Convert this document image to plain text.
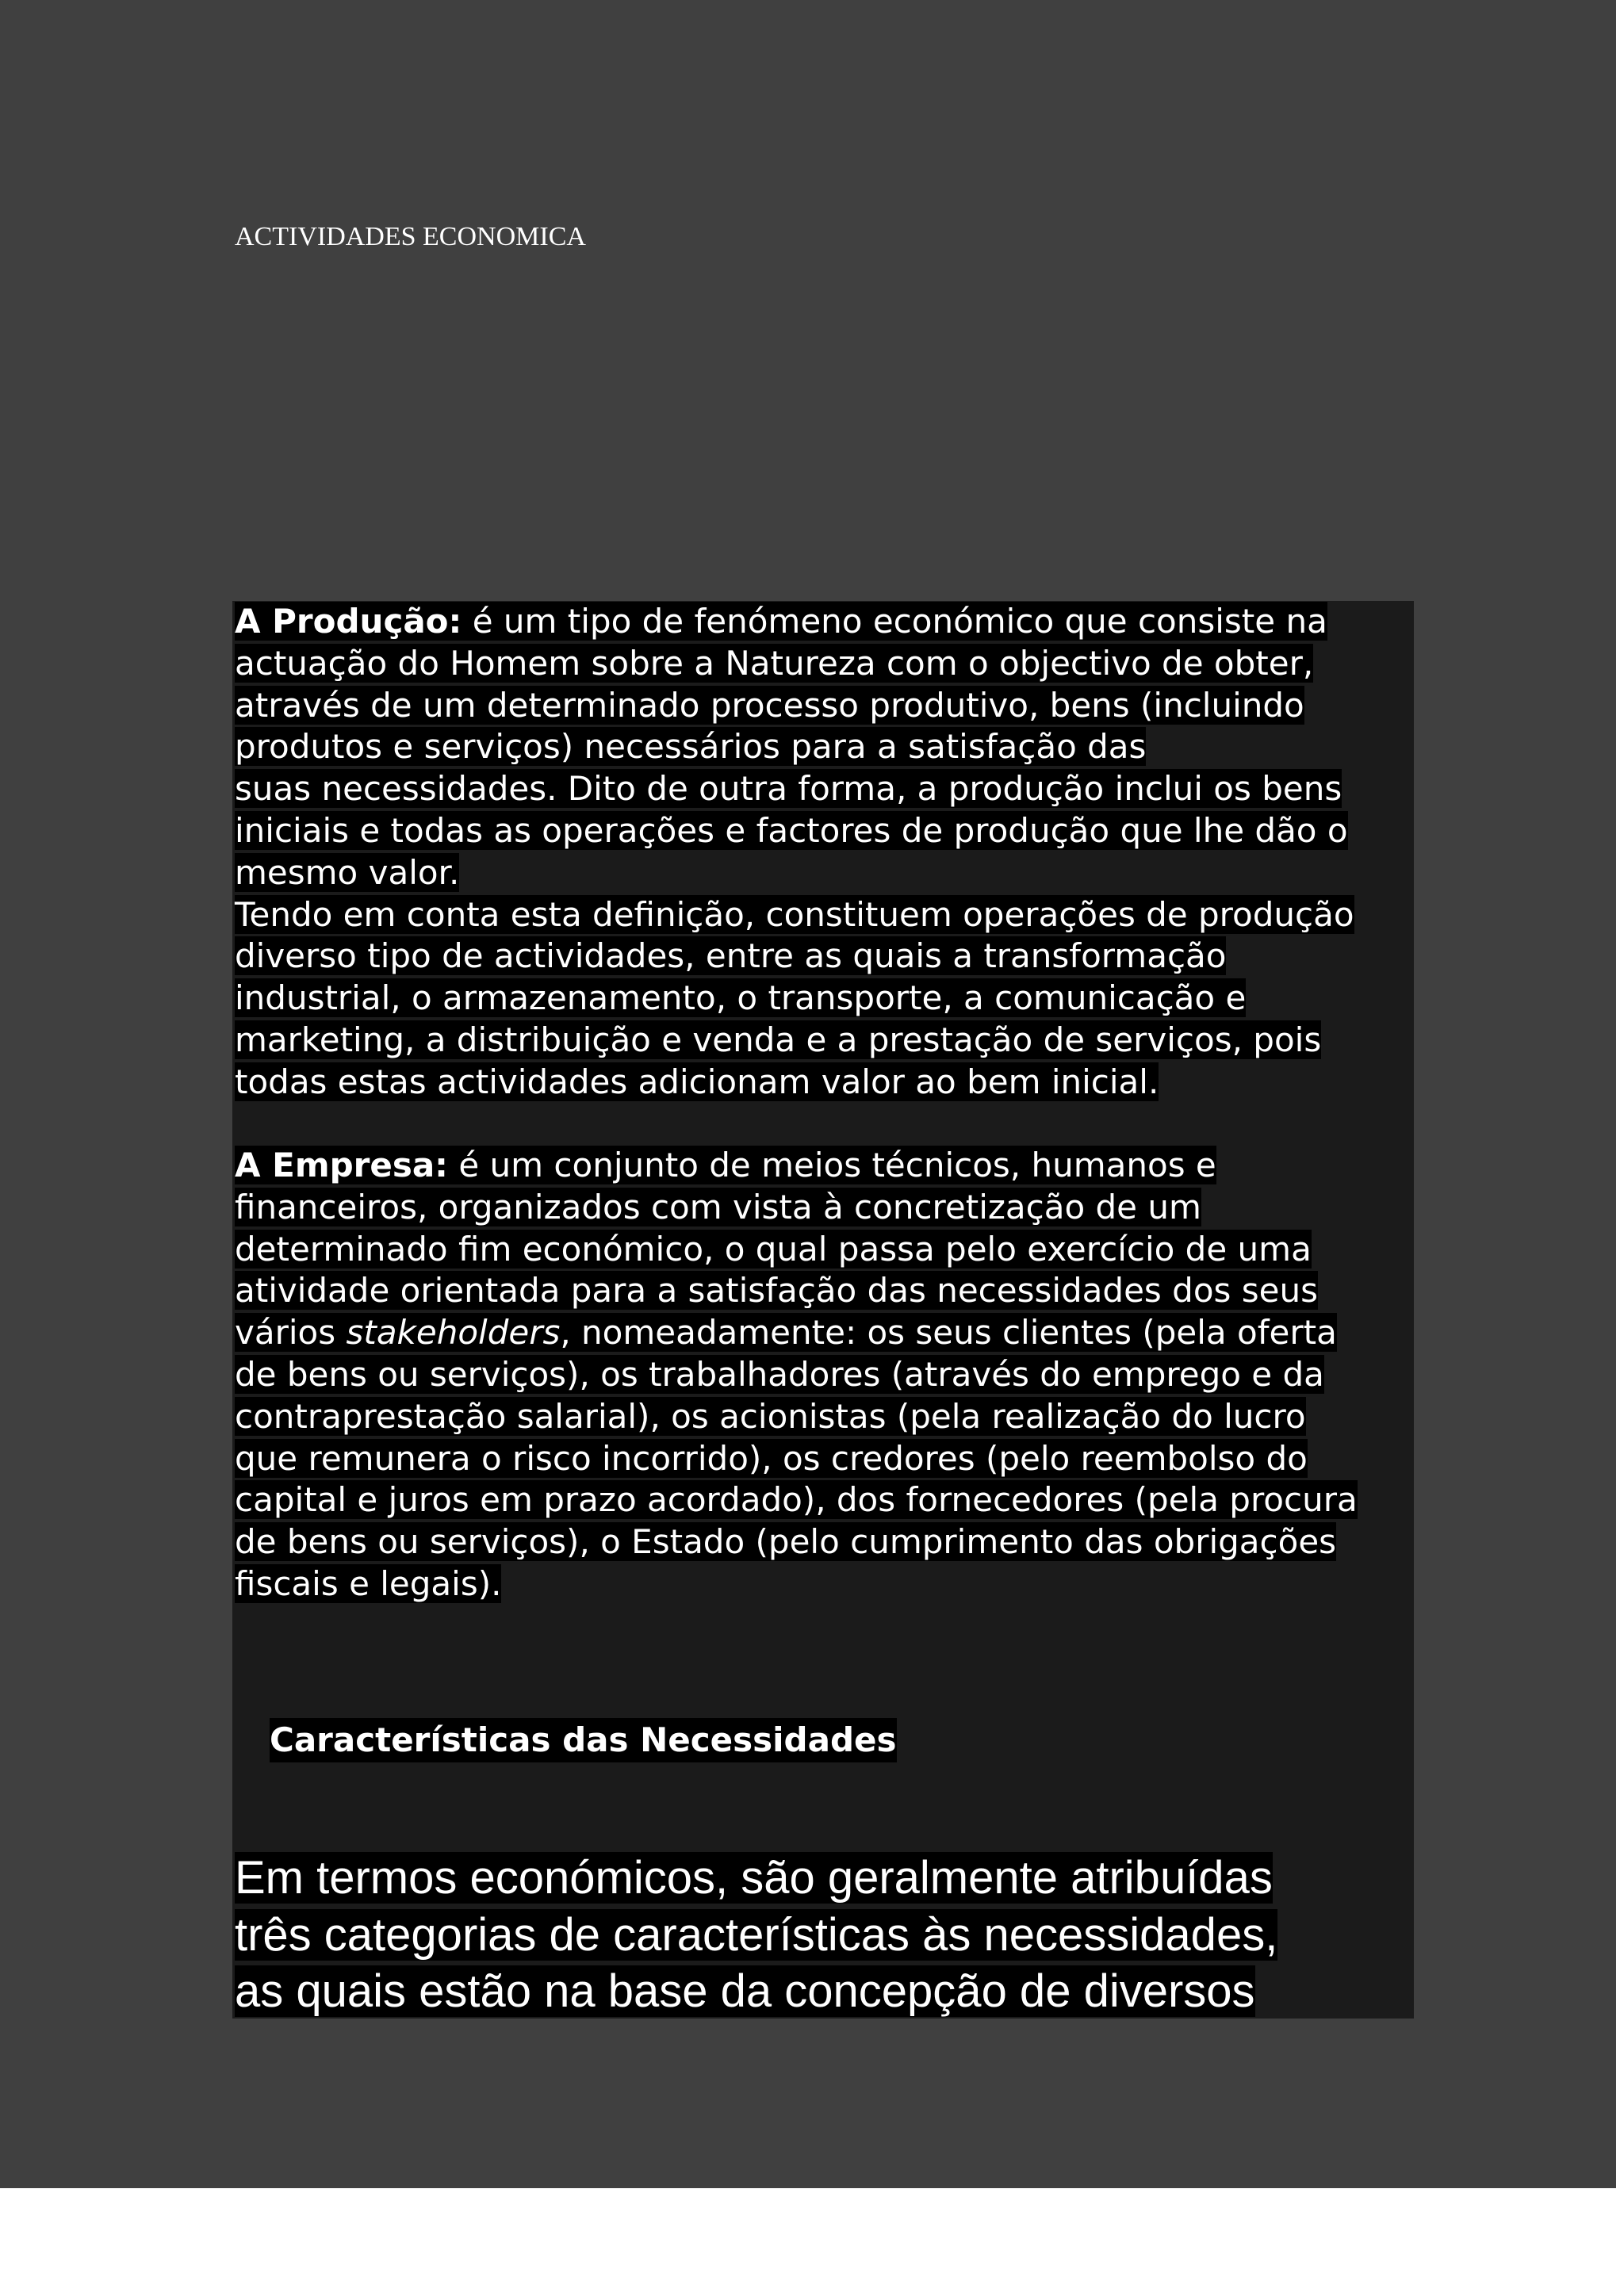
ACTIVIDADES ECONOMICA
A Produção: é um tipo de fenómeno económico que consiste na
actuação do Homem sobre a Natureza com o objectivo de obter,
através de um determinado processo produtivo, bens (incluindo
produtos e serviços) necessários para a satisfação das
suas necessidades. Dito de outra forma, a produção inclui os bens
iniciais e todas as operações e factores de produção que lhe dão o
mesmo valor.
Tendo em conta esta definição, constituem operações de produção
diverso tipo de actividades, entre as quais a transformação
industrial, o armazenamento, o transporte, a comunicação e
marketing, a distribuição e venda e a prestação de serviços, pois
todas estas actividades adicionam valor ao bem inicial.
A Empresa: é um conjunto de meios técnicos, humanos e
financeiros, organizados com vista à concretização de um
determinado fim económico, o qual passa pelo exercício de uma
atividade orientada para a satisfação das necessidades dos seus
vários stakeholders, nomeadamente: os seus clientes (pela oferta
de bens ou serviços), os trabalhadores (através do emprego e da
contraprestação salarial), os acionistas (pela realização do lucro
que remunera o risco incorrido), os credores (pelo reembolso do
capital e juros em prazo acordado), dos fornecedores (pela procura
de bens ou serviços), o Estado (pelo cumprimento das obrigações
fiscais e legais).
Características das Necessidades
Em termos económicos, são geralmente atribuídas
três categorias de características às necessidades,
as quais estão na base da concepção de diversos
